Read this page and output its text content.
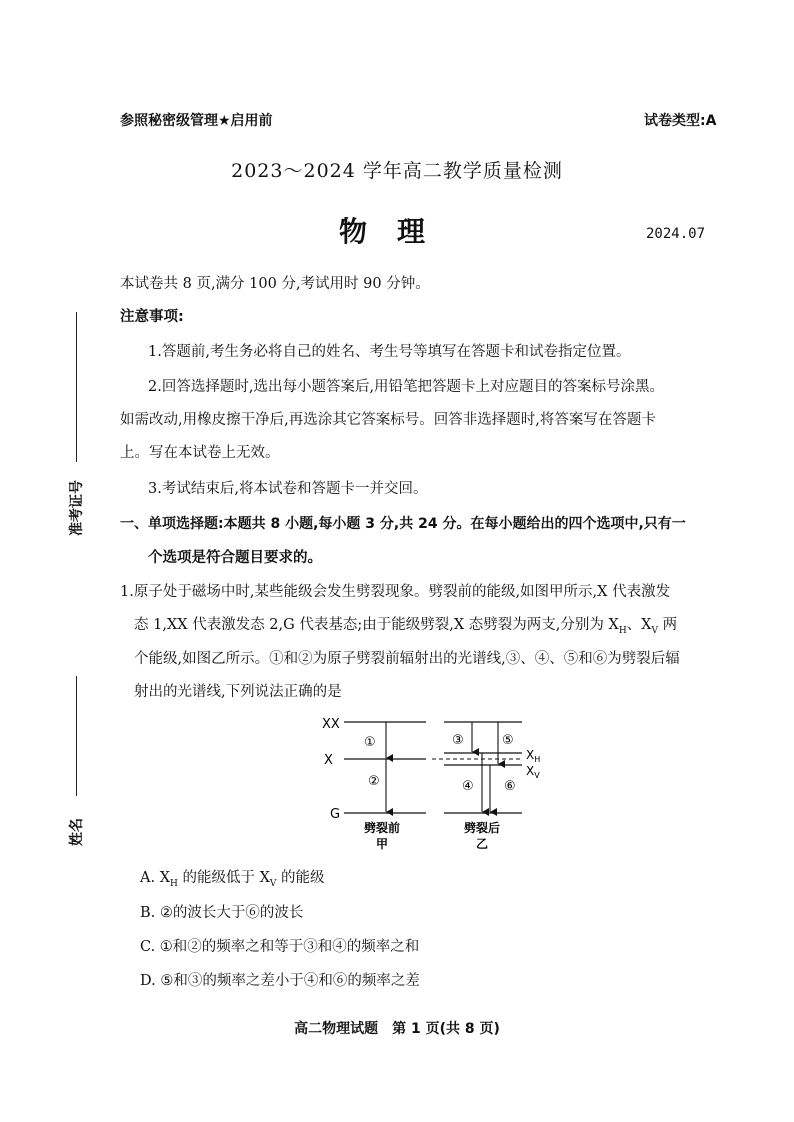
参照秘密级管理★启用前	试卷类型:A
2023～2024 学年高二教学质量检测
物理	2024.07
准考证号
姓名
本试卷共 8 页,满分 100 分,考试用时 90 分钟。
注意事项:
1.答题前,考生务必将自己的姓名、考生号等填写在答题卡和试卷指定位置。
2.回答选择题时,选出每小题答案后,用铅笔把答题卡上对应题目的答案标号涂黑。
如需改动,用橡皮擦干净后,再选涂其它答案标号。回答非选择题时,将答案写在答题卡
上。写在本试卷上无效。
3.考试结束后,将本试卷和答题卡一并交回。
一、单项选择题:本题共 8 小题,每小题 3 分,共 24 分。在每小题给出的四个选项中,只有一
个选项是符合题目要求的。
1.原子处于磁场中时,某些能级会发生劈裂现象。劈裂前的能级,如图甲所示,X 代表激发
态 1,XX 代表激发态 2,G 代表基态;由于能级劈裂,X 态劈裂为两支,分别为 $X_H$、$X_V$ 两
个能级,如图乙所示。①和②为原子劈裂前辐射出的光谱线,③、④、⑤和⑥为劈裂后辐
射出的光谱线,下列说法正确的是
XX
X
G
①
②
劈裂前
甲
$X_H$
$X_V$
③	⑤
④ ⑥
劈裂后
乙
A. $X_H$ 的能级低于 $X_V$ 的能级
B. ②的波长大于⑥的波长
C. ①和②的频率之和等于③和④的频率之和
D. ⑤和③的频率之差小于④和⑥的频率之差
高二物理试题　第 1 页(共 8 页)
